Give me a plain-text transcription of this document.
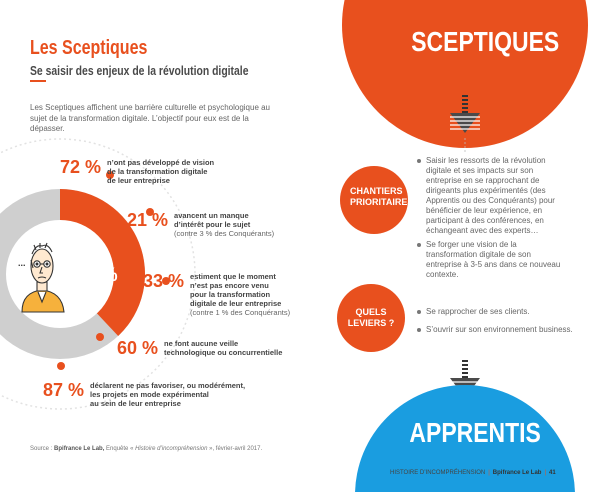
Les Sceptiques
Se saisir des enjeux de la révolution digitale
Les Sceptiques affichent une barrière culturelle et psychologique au sujet de la transformation digitale. L’objectif pour eux est de la dépasser.
38 %
...
72 % n’ont pas développé de vision
de la transformation digitale
de leur entreprise
21 % avancent un manque
d’intérêt pour le sujet
(contre 3 % des Conquérants)
33 % estiment que le moment
n’est pas encore venu
pour la transformation
digitale de leur entreprise
(contre 1 % des Conquérants)
60 % ne font aucune veille
technologique ou concurrentielle
87 % déclarent ne pas favoriser, ou modérément,
les projets en mode expérimental
au sein de leur entreprise
Source : Bpifrance Le Lab, Enquête « Histoire d’incompréhension », février-avril 2017.
SCEPTIQUES
APPRENTIS
CHANTIERS PRIORITAIRES
QUELS LEVIERS ?
Saisir les ressorts de la révolution digitale et ses impacts sur son entreprise en se rapprochant de dirigeants plus expérimentés (des Apprentis ou des Conquérants) pour bénéficier de leur expérience, en participant à des conférences, en échangeant avec des experts…
Se forger une vision de la transformation digitale de son entreprise à 3-5 ans dans ce nouveau contexte.
Se rapprocher de ses clients.
S’ouvrir sur son environnement business.
HISTOIRE D’INCOMPRÉHENSION | Bpifrance Le Lab | 41
